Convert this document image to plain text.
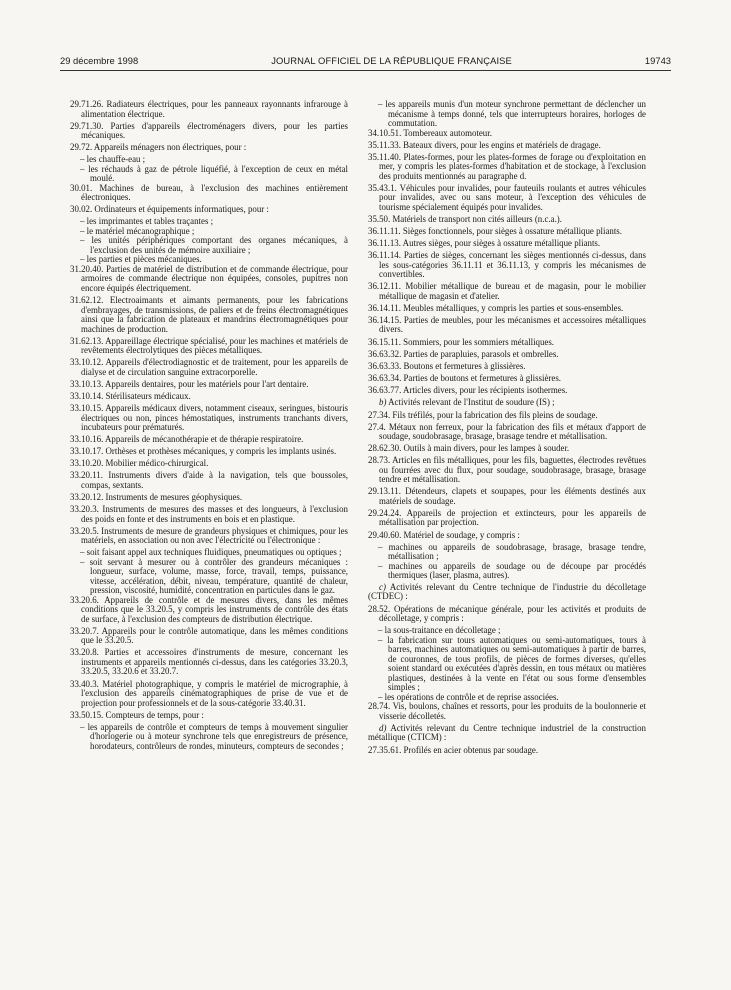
29 décembre 1998	JOURNAL OFFICIEL DE LA RÉPUBLIQUE FRANÇAISE	19743

29.71.26. Radiateurs électriques, pour les panneaux rayonnants infrarouge à alimentation électrique.

29.71.30. Parties d'appareils électroménagers divers, pour les parties mécaniques.

29.72. Appareils ménagers non électriques, pour :

– les chauffe-eau ;

– les réchauds à gaz de pétrole liquéfié, à l'exception de ceux en métal moulé.

30.01. Machines de bureau, à l'exclusion des machines entièrement électroniques.

30.02. Ordinateurs et équipements informatiques, pour :

– les imprimantes et tables traçantes ;

– le matériel mécanographique ;

– les unités périphériques comportant des organes mécaniques, à l'exclusion des unités de mémoire auxiliaire ;

– les parties et pièces mécaniques.

31.20.40. Parties de matériel de distribution et de commande électrique, pour armoires de commande électrique non équipées, consoles, pupitres non encore équipés électriquement.

31.62.12. Electroaimants et aimants permanents, pour les fabrications d'embrayages, de transmissions, de paliers et de freins électromagnétiques ainsi que la fabrication de plateaux et mandrins électromagnétiques pour machines de production.

31.62.13. Appareillage électrique spécialisé, pour les machines et matériels de revêtements électrolytiques des pièces métalliques.

33.10.12. Appareils d'électrodiagnostic et de traitement, pour les appareils de dialyse et de circulation sanguine extracorporelle.

33.10.13. Appareils dentaires, pour les matériels pour l'art dentaire.

33.10.14. Stérilisateurs médicaux.

33.10.15. Appareils médicaux divers, notamment ciseaux, seringues, bistouris électriques ou non, pinces hémostatiques, instruments tranchants divers, incubateurs pour prématurés.

33.10.16. Appareils de mécanothérapie et de thérapie respiratoire.

33.10.17. Orthèses et prothèses mécaniques, y compris les implants usinés.

33.10.20. Mobilier médico-chirurgical.

33.20.11. Instruments divers d'aide à la navigation, tels que boussoles, compas, sextants.

33.20.12. Instruments de mesures géophysiques.

33.20.3. Instruments de mesures des masses et des longueurs, à l'exclusion des poids en fonte et des instruments en bois et en plastique.

33.20.5. Instruments de mesure de grandeurs physiques et chimiques, pour les matériels, en association ou non avec l'électricité ou l'électronique :

– soit faisant appel aux techniques fluidiques, pneumatiques ou optiques ;

– soit servant à mesurer ou à contrôler des grandeurs mécaniques : longueur, surface, volume, masse, force, travail, temps, puissance, vitesse, accélération, débit, niveau, température, quantité de chaleur, pression, viscosité, humidité, concentration en particules dans le gaz.

33.20.6. Appareils de contrôle et de mesures divers, dans les mêmes conditions que le 33.20.5, y compris les instruments de contrôle des états de surface, à l'exclusion des compteurs de distribution électrique.

33.20.7. Appareils pour le contrôle automatique, dans les mêmes conditions que le 33.20.5.

33.20.8. Parties et accessoires d'instruments de mesure, concernant les instruments et appareils mentionnés ci-dessus, dans les catégories 33.20.3, 33.20.5, 33.20.6 et 33.20.7.

33.40.3. Matériel photographique, y compris le matériel de micrographie, à l'exclusion des appareils cinématographiques de prise de vue et de projection pour professionnels et de la sous-catégorie 33.40.31.

33.50.15. Compteurs de temps, pour :

– les appareils de contrôle et compteurs de temps à mouvement singulier d'horlogerie ou à moteur synchrone tels que enregistreurs de présence, horodateurs, contrôleurs de rondes, minuteurs, compteurs de secondes ;

– les appareils munis d'un moteur synchrone permettant de déclencher un mécanisme à temps donné, tels que interrupteurs horaires, horloges de commutation.

34.10.51. Tombereaux automoteur.

35.11.33. Bateaux divers, pour les engins et matériels de dragage.

35.11.40. Plates-formes, pour les plates-formes de forage ou d'exploitation en mer, y compris les plates-formes d'habitation et de stockage, à l'exclusion des produits mentionnés au paragraphe d.

35.43.1. Véhicules pour invalides, pour fauteuils roulants et autres véhicules pour invalides, avec ou sans moteur, à l'exception des véhicules de tourisme spécialement équipés pour invalides.

35.50. Matériels de transport non cités ailleurs (n.c.a.).

36.11.11. Sièges fonctionnels, pour sièges à ossature métallique pliants.

36.11.13. Autres sièges, pour sièges à ossature métallique pliants.

36.11.14. Parties de sièges, concernant les sièges mentionnés ci-dessus, dans les sous-catégories 36.11.11 et 36.11.13, y compris les mécanismes de convertibles.

36.12.11. Mobilier métallique de bureau et de magasin, pour le mobilier métallique de magasin et d'atelier.

36.14.11. Meubles métalliques, y compris les parties et sous-ensembles.

36.14.15. Parties de meubles, pour les mécanismes et accessoires métalliques divers.

36.15.11. Sommiers, pour les sommiers métalliques.

36.63.32. Parties de parapluies, parasols et ombrelles.

36.63.33. Boutons et fermetures à glissières.

36.63.34. Parties de boutons et fermetures à glissières.

36.63.77. Articles divers, pour les récipients isothermes.

b) Activités relevant de l'Institut de soudure (IS) ;

27.34. Fils tréfilés, pour la fabrication des fils pleins de soudage.

27.4. Métaux non ferreux, pour la fabrication des fils et métaux d'apport de soudage, soudobrasage, brasage, brasage tendre et métallisation.

28.62.30. Outils à main divers, pour les lampes à souder.

28.73. Articles en fils métalliques, pour les fils, baguettes, électrodes revêtues ou fourrées avec du flux, pour soudage, soudobrasage, brasage, brasage tendre et métallisation.

29.13.11. Détendeurs, clapets et soupapes, pour les éléments destinés aux matériels de soudage.

29.24.24. Appareils de projection et extincteurs, pour les appareils de métallisation par projection.

29.40.60. Matériel de soudage, y compris :

– machines ou appareils de soudobrasage, brasage, brasage tendre, métallisation ;

– machines ou appareils de soudage ou de découpe par procédés thermiques (laser, plasma, autres).

c) Activités relevant du Centre technique de l'industrie du décolletage (CTDEC) :

28.52. Opérations de mécanique générale, pour les activités et produits de décolletage, y compris :

– la sous-traitance en décolletage ;

– la fabrication sur tours automatiques ou semi-automatiques, tours à barres, machines automatiques ou semi-automatiques à partir de barres, de couronnes, de tous profils, de pièces de formes diverses, qu'elles soient standard ou exécutées d'après dessin, en tous métaux ou matières plastiques, destinées à la vente en l'état ou sous forme d'ensembles simples ;

– les opérations de contrôle et de reprise associées.

28.74. Vis, boulons, chaînes et ressorts, pour les produits de la boulonnerie et visserie décolletés.

d) Activités relevant du Centre technique industriel de la construction métallique (CTICM) :

27.35.61. Profilés en acier obtenus par soudage.
